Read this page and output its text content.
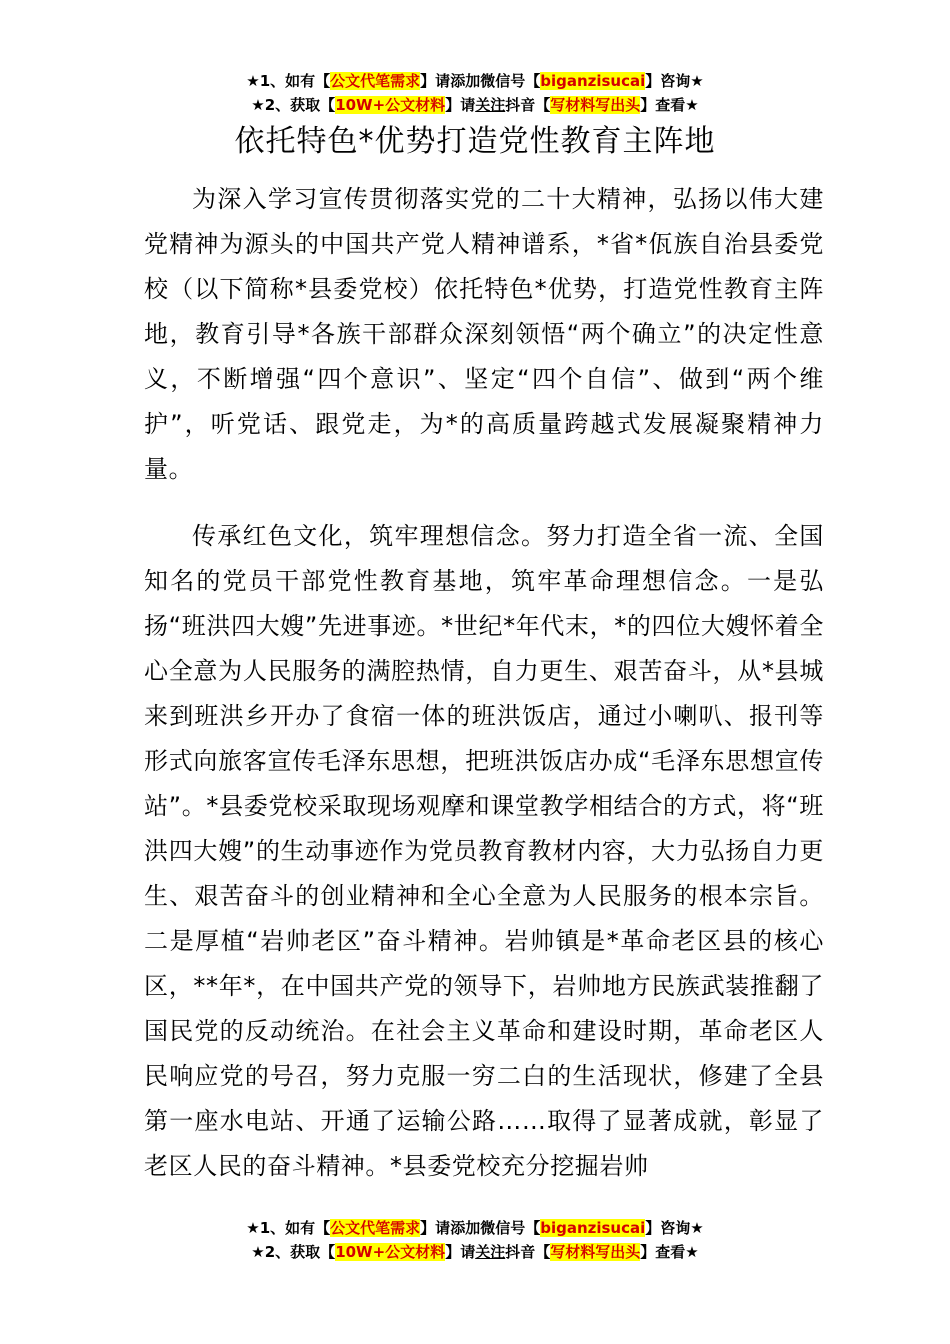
★1、如有【公文代笔需求】请添加微信号【biganzisucai】咨询★
★2、获取【10W+公文材料】请关注抖音【写材料写出头】查看★
依托特色*优势打造党性教育主阵地

为深入学习宣传贯彻落实党的二十大精神，弘扬以伟大建党精神为源头的中国共产党人精神谱系，*省*佤族自治县委党校（以下简称*县委党校）依托特色*优势，打造党性教育主阵地，教育引导*各族干部群众深刻领悟“两个确立”的决定性意义，不断增强“四个意识”、坚定“四个自信”、做到“两个维护”，听党话、跟党走，为*的高质量跨越式发展凝聚精神力量。

传承红色文化，筑牢理想信念。努力打造全省一流、全国知名的党员干部党性教育基地，筑牢革命理想信念。一是弘扬“班洪四大嫂”先进事迹。*世纪*年代末，*的四位大嫂怀着全心全意为人民服务的满腔热情，自力更生、艰苦奋斗，从*县城来到班洪乡开办了食宿一体的班洪饭店，通过小喇叭、报刊等形式向旅客宣传毛泽东思想，把班洪饭店办成“毛泽东思想宣传站”。*县委党校采取现场观摩和课堂教学相结合的方式，将“班洪四大嫂”的生动事迹作为党员教育教材内容，大力弘扬自力更生、艰苦奋斗的创业精神和全心全意为人民服务的根本宗旨。二是厚植“岩帅老区”奋斗精神。岩帅镇是*革命老区县的核心区，**年*，在中国共产党的领导下，岩帅地方民族武装推翻了国民党的反动统治。在社会主义革命和建设时期，革命老区人民响应党的号召，努力克服一穷二白的生活现状，修建了全县第一座水电站、开通了运输公路……取得了显著成就，彰显了老区人民的奋斗精神。*县委党校充分挖掘岩帅

★1、如有【公文代笔需求】请添加微信号【biganzisucai】咨询★
★2、获取【10W+公文材料】请关注抖音【写材料写出头】查看★
